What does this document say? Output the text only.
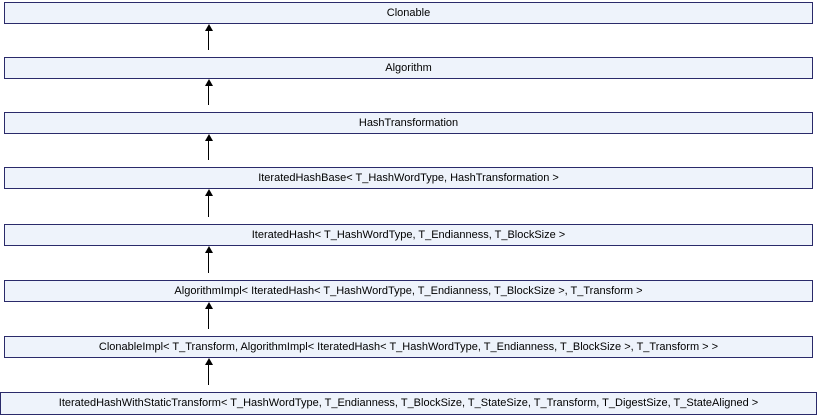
Clonable
Algorithm
HashTransformation
IteratedHashBase< T_HashWordType, HashTransformation >
IteratedHash< T_HashWordType, T_Endianness, T_BlockSize >
AlgorithmImpl< IteratedHash< T_HashWordType, T_Endianness, T_BlockSize >, T_Transform >
ClonableImpl< T_Transform, AlgorithmImpl< IteratedHash< T_HashWordType, T_Endianness, T_BlockSize >, T_Transform > >
IteratedHashWithStaticTransform< T_HashWordType, T_Endianness, T_BlockSize, T_StateSize, T_Transform, T_DigestSize, T_StateAligned >
